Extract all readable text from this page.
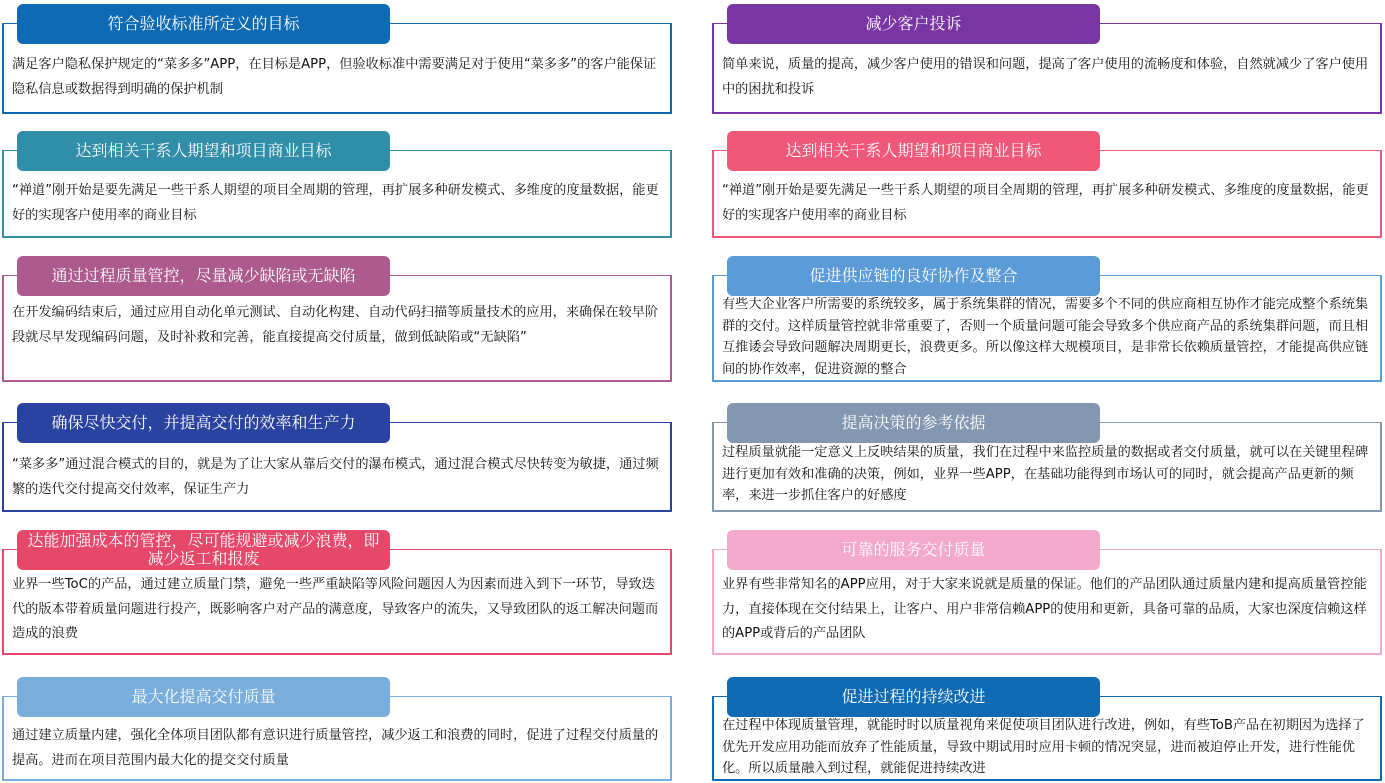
符合验收标准所定义的目标
满足客户隐私保护规定的“菜多多”APP，在目标是APP，但验收标准中需要满足对于使用“菜多多”的客户能保证隐私信息或数据得到明确的保护机制
达到相关干系人期望和项目商业目标
“禅道”刚开始是要先满足一些干系人期望的项目全周期的管理，再扩展多种研发模式、多维度的度量数据，能更好的实现客户使用率的商业目标
通过过程质量管控，尽量减少缺陷或无缺陷
在开发编码结束后，通过应用自动化单元测试、自动化构建、自动代码扫描等质量技术的应用，来确保在较早阶段就尽早发现编码问题，及时补救和完善，能直接提高交付质量，做到低缺陷或“无缺陷”
确保尽快交付，并提高交付的效率和生产力
“菜多多”通过混合模式的目的，就是为了让大家从靠后交付的瀑布模式，通过混合模式尽快转变为敏捷，通过频繁的迭代交付提高交付效率，保证生产力
达能加强成本的管控，尽可能规避或减少浪费，即减少返工和报废
业界一些ToC的产品，通过建立质量门禁，避免一些严重缺陷等风险问题因人为因素而进入到下一环节，导致迭代的版本带着质量问题进行投产，既影响客户对产品的满意度，导致客户的流失，又导致团队的返工解决问题而造成的浪费
最大化提高交付质量
通过建立质量内建，强化全体项目团队都有意识进行质量管控，减少返工和浪费的同时，促进了过程交付质量的提高。进而在项目范围内最大化的提交交付质量
减少客户投诉
简单来说，质量的提高，减少客户使用的错误和问题，提高了客户使用的流畅度和体验，自然就减少了客户使用中的困扰和投诉
达到相关干系人期望和项目商业目标
“禅道”刚开始是要先满足一些干系人期望的项目全周期的管理，再扩展多种研发模式、多维度的度量数据，能更好的实现客户使用率的商业目标
促进供应链的良好协作及整合
有些大企业客户所需要的系统较多，属于系统集群的情况，需要多个不同的供应商相互协作才能完成整个系统集群的交付。这样质量管控就非常重要了，否则一个质量问题可能会导致多个供应商产品的系统集群问题，而且相互推诿会导致问题解决周期更长，浪费更多。所以像这样大规模项目，是非常长依赖质量管控，才能提高供应链间的协作效率，促进资源的整合
提高决策的参考依据
过程质量就能一定意义上反映结果的质量，我们在过程中来监控质量的数据或者交付质量，就可以在关键里程碑进行更加有效和准确的决策，例如，业界一些APP，在基础功能得到市场认可的同时，就会提高产品更新的频率，来进一步抓住客户的好感度
可靠的服务交付质量
业界有些非常知名的APP应用，对于大家来说就是质量的保证。他们的产品团队通过质量内建和提高质量管控能力，直接体现在交付结果上，让客户、用户非常信赖APP的使用和更新，具备可靠的品质，大家也深度信赖这样的APP或背后的产品团队
促进过程的持续改进
在过程中体现质量管理，就能时时以质量视角来促使项目团队进行改进，例如，有些ToB产品在初期因为选择了优先开发应用功能而放弃了性能质量，导致中期试用时应用卡顿的情况突显，进而被迫停止开发，进行性能优化。所以质量融入到过程，就能促进持续改进
